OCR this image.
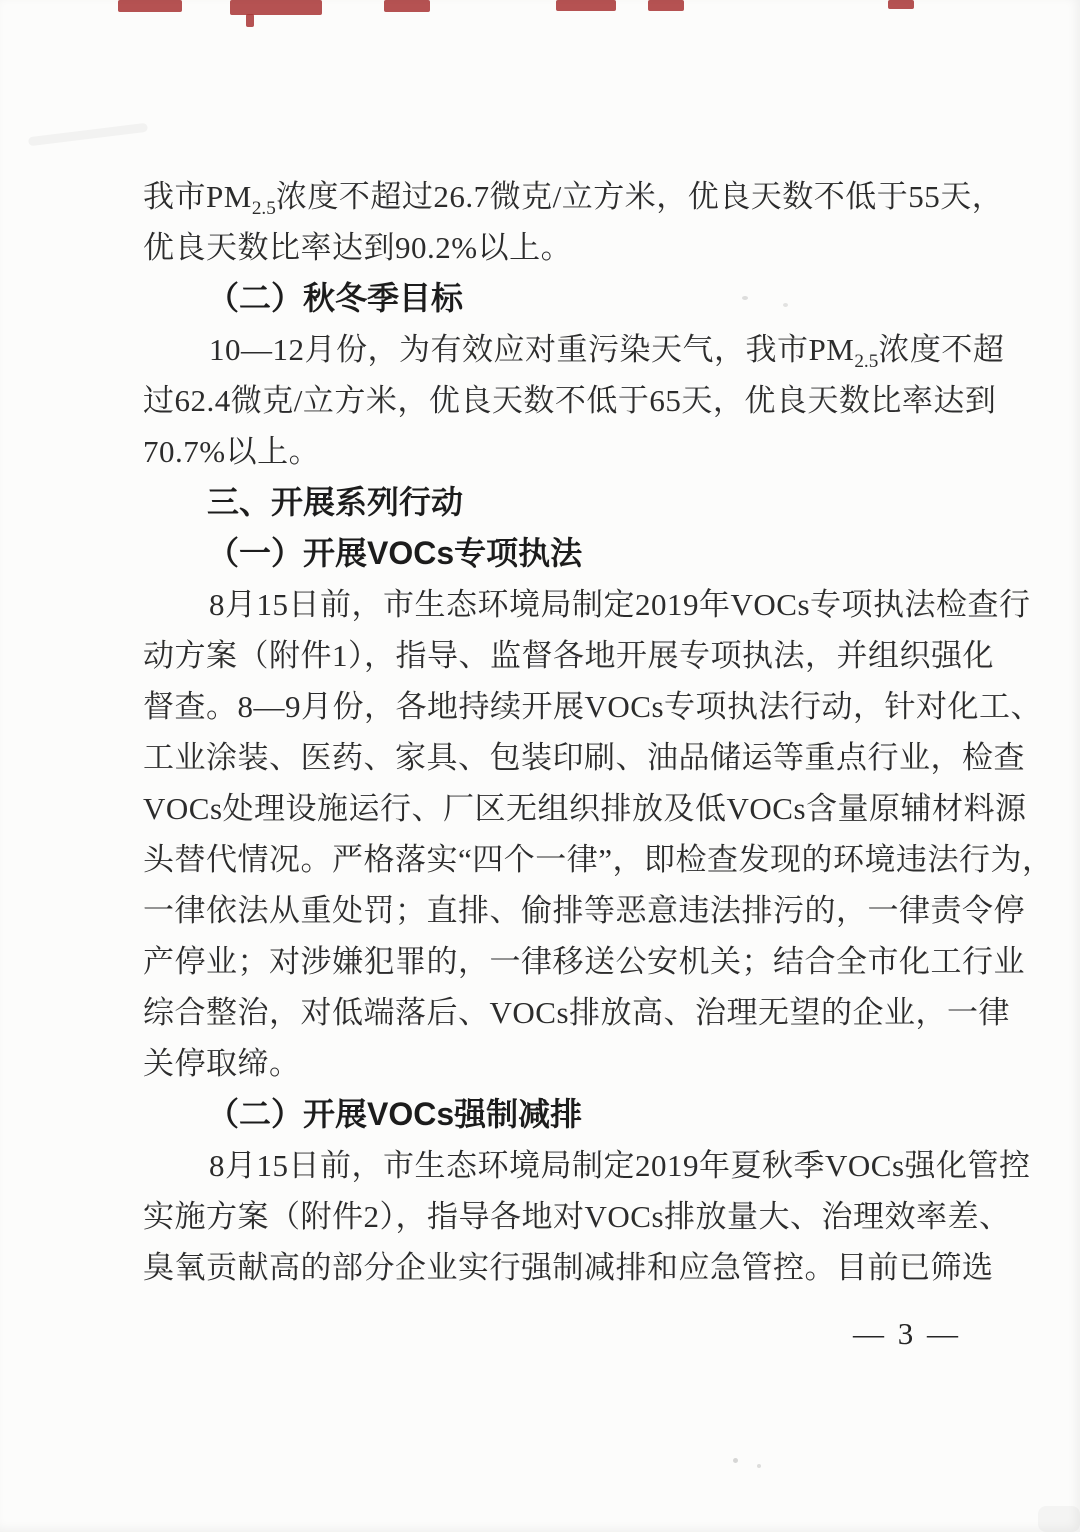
我市$PM_{2.5}$浓度不超过26.7微克/立方米，优良天数不低于55天，
优良天数比率达到90.2%以上。
（二）秋冬季目标
10—12月份，为有效应对重污染天气，我市$PM_{2.5}$浓度不超
过62.4微克/立方米，优良天数不低于65天，优良天数比率达到
70.7%以上。
三、开展系列行动
（一）开展VOCs专项执法
8月15日前，市生态环境局制定2019年VOCs专项执法检查行
动方案（附件1），指导、监督各地开展专项执法，并组织强化
督查。8—9月份，各地持续开展VOCs专项执法行动，针对化工、
工业涂装、医药、家具、包装印刷、油品储运等重点行业，检查
VOCs处理设施运行、厂区无组织排放及低VOCs含量原辅材料源
头替代情况。严格落实“四个一律”，即检查发现的环境违法行为，
一律依法从重处罚；直排、偷排等恶意违法排污的，一律责令停
产停业；对涉嫌犯罪的，一律移送公安机关；结合全市化工行业
综合整治，对低端落后、VOCs排放高、治理无望的企业，一律
关停取缔。
（二）开展VOCs强制减排
8月15日前，市生态环境局制定2019年夏秋季VOCs强化管控
实施方案（附件2），指导各地对VOCs排放量大、治理效率差、
臭氧贡献高的部分企业实行强制减排和应急管控。目前已筛选
— 3 —
